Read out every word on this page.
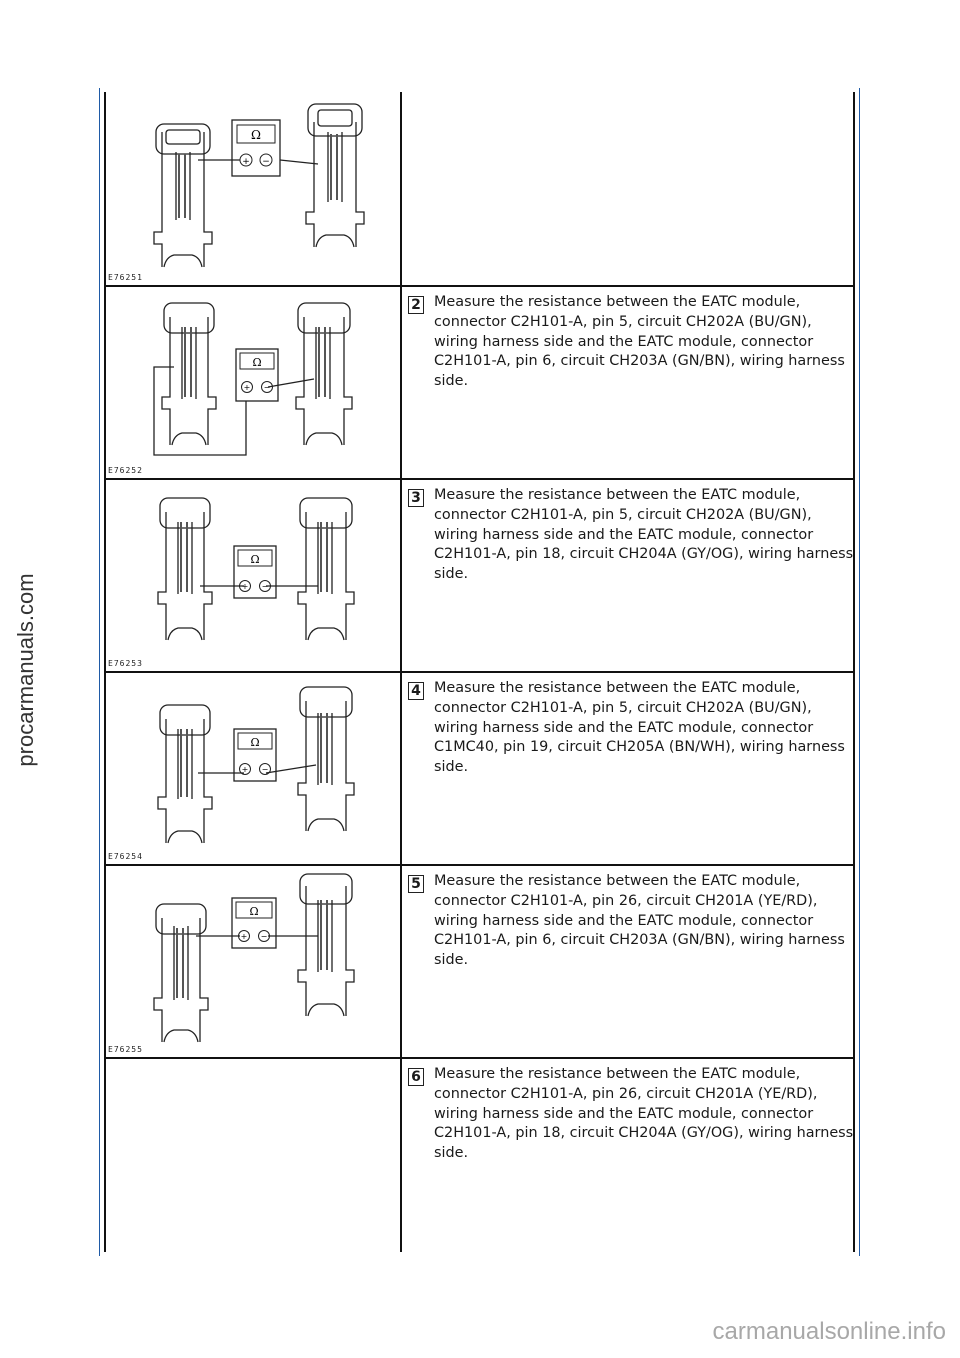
Ω
+ −
E76251
Ω
+ −
E76252
2 Measure the resistance between the EATC module, connector C2H101-A, pin 5, circuit CH202A (BU/GN), wiring harness side and the EATC module, connector C2H101-A, pin 6, circuit CH203A (GN/BN), wiring harness side.
Ω
+ −
E76253
3 Measure the resistance between the EATC module, connector C2H101-A, pin 5, circuit CH202A (BU/GN), wiring harness side and the EATC module, connector C2H101-A, pin 18, circuit CH204A (GY/OG), wiring harness side.
Ω
+ −
E76254
4 Measure the resistance between the EATC module, connector C2H101-A, pin 5, circuit CH202A (BU/GN), wiring harness side and the EATC module, connector C1MC40, pin 19, circuit CH205A (BN/WH), wiring harness side.
Ω
+ −
E76255
5 Measure the resistance between the EATC module, connector C2H101-A, pin 26, circuit CH201A (YE/RD), wiring harness side and the EATC module, connector C2H101-A, pin 6, circuit CH203A (GN/BN), wiring harness side.
6 Measure the resistance between the EATC module, connector C2H101-A, pin 26, circuit CH201A (YE/RD), wiring harness side and the EATC module, connector C2H101-A, pin 18, circuit CH204A (GY/OG), wiring harness side.
procarmanuals.com
carmanualsonline.info
